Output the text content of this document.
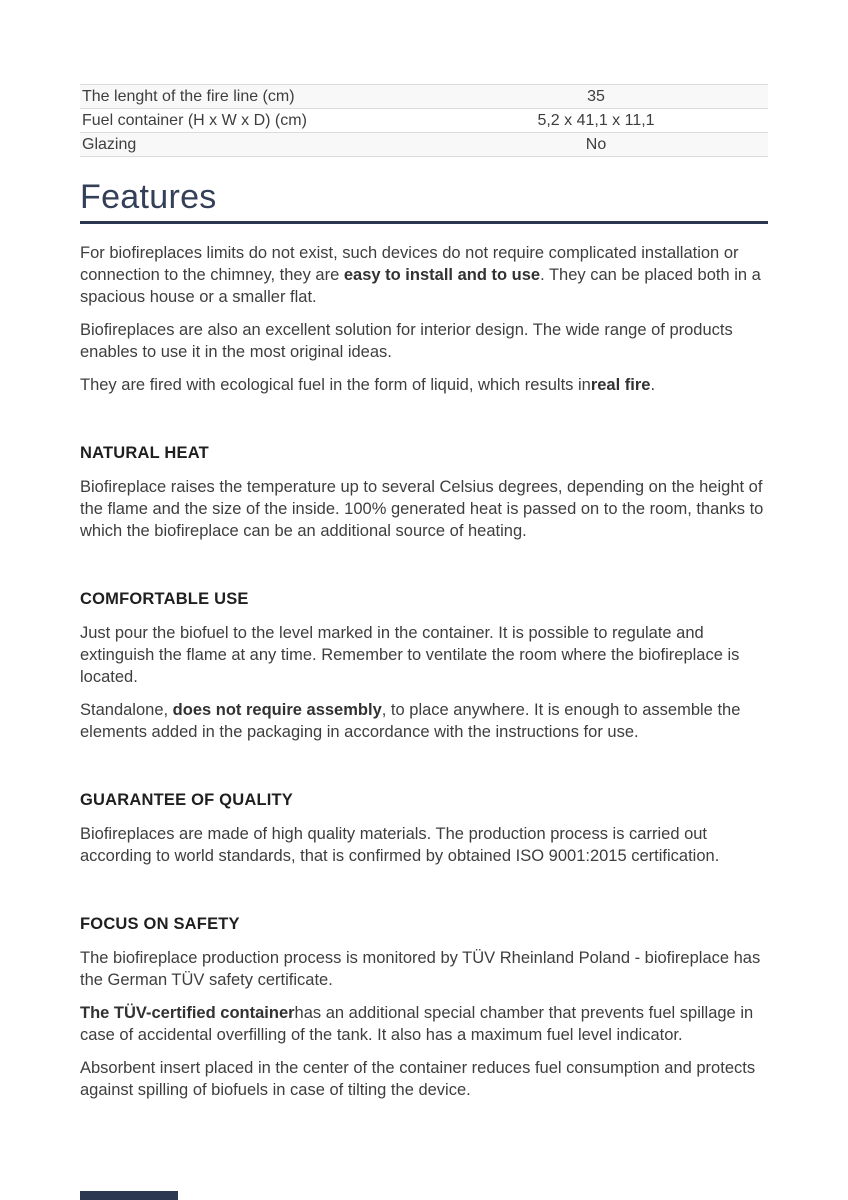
The lenght of the fire line (cm)	35
Fuel container (H x W x D) (cm)	5,2 x 41,1 x 11,1
Glazing	No
Features

For biofireplaces limits do not exist, such devices do not require complicated installation or connection to the chimney, they are easy to install and to use. They can be placed both in a spacious house or a smaller flat.

Biofireplaces are also an excellent solution for interior design. The wide range of products enables to use it in the most original ideas.

They are fired with ecological fuel in the form of liquid, which results inreal fire.

NATURAL HEAT

Biofireplace raises the temperature up to several Celsius degrees, depending on the height of the flame and the size of the inside. 100% generated heat is passed on to the room, thanks to which the biofireplace can be an additional source of heating.

COMFORTABLE USE

Just pour the biofuel to the level marked in the container. It is possible to regulate and extinguish the flame at any time. Remember to ventilate the room where the biofireplace is located.

Standalone, does not require assembly, to place anywhere. It is enough to assemble the elements added in the packaging in accordance with the instructions for use.

GUARANTEE OF QUALITY

Biofireplaces are made of high quality materials. The production process is carried out according to world standards, that is confirmed by obtained ISO 9001:2015 certification.

FOCUS ON SAFETY

The biofireplace production process is monitored by TÜV Rheinland Poland - biofireplace has the German TÜV safety certificate.

The TÜV-certified containerhas an additional special chamber that prevents fuel spillage in case of accidental overfilling of the tank. It also has a maximum fuel level indicator.

Absorbent insert placed in the center of the container reduces fuel consumption and protects against spilling of biofuels in case of tilting the device.
